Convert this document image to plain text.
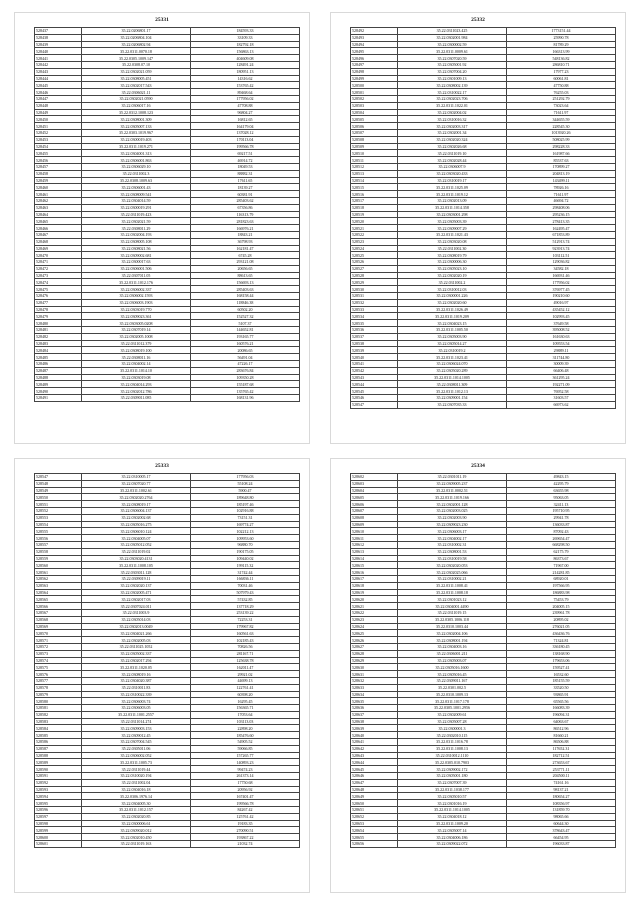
25331
528437	35.22.0206801.17	184593.33
528438	35.22.0206804.104	33109.33
528439	35.22.0206802.94	182792.18
528440	35.22.0311.0070.18	156863.13
528441	35.22.0305.1009.147	404609.08
528442	35.22.0308.07.10	128491.24
528443	35.22.0302021.059	180951.13
528444	35.22.0308005.451	14316.62
528445	35.22.0302017.543	153765.42
528446	35.22.0306021.11	89468.64
528447	35.22.0302021.0590	177956.02
528448	35.22.0306017.16	47708.88
528449	35.22.0312.1008.123	96804.27
528450	35.22.0308001.309	16812.65
528451	35.22.0305007.133	164179.04
528452	35.22.0303.1019.967	137028.12
528453	35.22.0300019.403	170113.04
528454	35.22.0311.1019.271	199566.78
528455	35.22.0304001.313	69217.51
528456	35.22.0306001.863	46914.72
528457	35.22.0306029.10	18049.53
528458	35.22.0311002.3	88882.31
528459	35.22.0308.1009.63	17611.65
528460	35.22.0306001.43	18139.27
528461	35.22.0308009.541	60381.91
528462	35.22.0304014.59	285403.62
528463	35.22.0300019.291	67356.86
528464	35.22.0311019.423	116313.79
528465	35.22.0302021.59	281823.63
528466	35.22.0308011.29	166976.21
528467	35.22.0302004.193	18843.21
528468	35.22.0308005.108	36798.93
528469	35.22.0308021.56	162181.47
528470	35.22.0309002.681	6745.28
528471	35.22.0300017.63	293121.08
528472	35.22.0306001.506	20656.65
528473	35.22.0307011.05	88613.65
528474	35.22.0311.1012.176	156693.13
528475	35.22.0306002.337	285403.63
528476	35.22.0306002.1593	168158.44
528477	35.22.0306003.1903	118846.38
528478	35.22.0303019.770	60502.20
528479	35.22.0309023.361	152527.32
528480	35.22.0303005.0208	5107.37
528481	35.22.0307019.14	144652.81
528482	35.22.0302005.1008	193165.77
528483	35.22.0311012.379	160576.21
528484	35.22.0308019.100	20086.65
528485	35.22.0308011.16	56491.04
528486	35.22.0304002.14	47226.17
528487	35.22.0311.1014.10	283676.84
528488	35.22.0303019.08	109350.28
528489	35.22.0304014.293	155187.68
528490	35.22.0302012.786	135765.42
528491	35.22.0309011.085	168131.96
25332
528492	35.22.0311023.425	1773151.44
528493	35.22.0302001.984	25990.78
528494	35.22.0300002.59	81789.29
528495	35.22.0311.0009.61	166313.99
528496	35.22.0307020.59	548136.82
528497	35.22.0305001.92	286810.71
528498	35.22.0307004.20	17977.23
528499	35.22.0301009.13	60061.81
528500	35.22.0308002.139	47750.88
528501	35.22.0310022.17	76255.03
528502	35.22.0302023.706	251292.79
528503	35.22.0311.1022.01	73023.64
528504	35.22.0302004.02	71611.97
528505	35.22.0310016.32	344655.59
528506	35.22.0302003.317	228545.30
528507	35.22.0302001.34	1013920.26
528508	35.22.0302020.324	508025.99
528509	35.22.0302026.68	298228.33
528510	35.22.0311019.10	161987.66
528511	35.22.0302028.44	85537.63
528512	35.22.0306007.9	170899.27
528513	35.22.0303020.433	204813.19
528514	35.22.0310019.17	143499.11
528515	35.22.0311.1025.09	78926.16
528516	35.22.0311.1019.12	71611.97
528517	35.22.0302013.09	46694.72
528518	35.22.0311.1014.358	298408.06
528519	35.22.0303001.298	295236.15
528520	35.22.0305003.39	278413.35
528521	35.22.0309007.29	162495.47
528522	35.22.0311.1021.43	671853.89
528523	35.22.0303020.08	512913.74
528524	35.22.0311002.30	923913.74
528525	35.22.0308019.79	103112.51
528526	35.22.0300006.30	129036.82
528527	35.22.0305023.10	34582.18
528528	35.22.0302020.19	166931.46
528529	35.22.0311002.2	177956.02
528530	35.22.0310012.03	376977.45
528531	35.22.0300001.226	190210.60
528532	35.22.0302020.60	49016.97
528533	35.22.0311.1026.49	435452.12
528534	35.22.0311.1019.209	102993.45
528535	35.22.0304023.15	37649.58
528536	35.22.0311.1005.50	395008.52
528537	35.22.0305003.90	161630.63
528538	35.22.0305014.27	109553.54
528539	35.22.0310019.2	29889.11
528540	35.22.0311.1023.41	311744.80
528541	35.22.0306024.070	30009.39
528542	35.22.0305020.289	66406.48
528543	35.22.0311.1014.1005	361295.24
528544	35.22.0308011.309	192271.09
528545	35.22.0311.1012.13	76952.58
528546	35.22.0309001.154	31603.57
528547	35.22.0307035.33	66973.62
25333
528547	35.22.0310005.17	177956.03
528548	35.22.0307020.77	55108.24
528549	35.22.0311.1002.61	5900.47
528550	35.22.0302020.2764	189648.80
528551	35.22.0308019.17	185197.46
528552	35.22.0306004.137	102916.88
528553	35.22.0302002.68	73151.31
528554	35.22.0305016.275	169774.27
528555	35.22.0306010.124	102212.13
528556	35.22.0304005.07	109953.60
528557	35.22.0305012.052	96880.70
528558	35.22.0311019.02	190175.05
528559	35.22.0303020.4131	109440.02
528560	35.22.0311.1008.105	199115.32
528561	35.22.0303011.128	31742.44
528562	35.22.0309019.11	166836.11
528563	35.22.0302020.137	70031.46
528564	35.22.0302005.471	507979.43
528565	35.22.0302017.03	57432.85
528566	35.22.0307024.011	137718.29
528567	35.22.0311003.9	253139.22
528568	35.22.0305014.03	72253.31
528569	35.22.0302013.0049	179967.82
528570	35.22.0304021.266	160561.63
528571	35.22.0302005.03	102185.43
528572	35.22.0311025.1052	70826.56
528573	35.22.0305002.337	281167.71
528574	35.22.0302017.294	125638.78
528575	35.22.0311.1020.05	162011.47
528576	35.22.0308019.16	29921.02
528577	35.22.0304020.387	44699.13
528578	35.22.0310011.83	122761.41
528579	35.22.0310022.339	60398.20
528580	35.22.0306003.74	16295.45
528581	35.22.0306003.05	156365.71
528582	35.22.0311.1001.2557	17053.64
528583	35.22.0311014.274	103113.03
528584	35.22.0309003.153	22898.20
528585	35.22.0309012.45	185476.60
528586	35.22.0307004.545	54905.52
528587	35.22.0305011.06	59066.85
528588	35.22.0306002.052	157265.77
528589	35.22.0311.1005.73	140893.23
528590	35.22.0311019.44	99474.23
528591	35.22.0310020.194	261373.14
528592	35.22.0311002.04	17750.68
528593	35.22.0304016.18	20956.92
528594	35.22.0306.1976.14	167401.47
528595	35.22.0304005.30	199566.78
528596	35.22.0311.1012.157	84267.42
528597	35.22.0302020.85	125761.42
528598	35.22.0300006.61	19183.35
528599	35.22.0309020.012	270090.51
528600	35.22.0302010.450	193867.22
528601	35.22.0311019.163	21032.74
25334
528602	35.22.0301011.19	49843.15
528603	35.22.0309005.237	42295.79
528604	35.22.0311.0002.51	63655.98
528605	35.22.0311.1019.166	95063.05
528606	35.22.0302001.128	32411.13
528607	35.22.0302003.025	195710.95
528608	35.22.0302003.90	29941.78
528609	35.22.0309023.230	136033.87
528610	35.22.0306003.17	87092.43
528611	35.22.0304002.17	269654.47
528612	35.22.0310002.31	668298.50
528613	35.22.0308001.53	62175.79
528614	35.22.0310019.58	86373.67
528615	35.22.0302020.053	71967.00
528616	35.22.0302025.066	214281.85
528617	35.22.0310002.21	68920.01
528618	35.22.0311.1008.41	197566.95
528619	35.22.0311.1008.18	186883.98
528620	35.22.0301023.12	75453.79
528621	35.22.0304001.4490	204005.15
528622	35.22.0311019.15	239961.78
528623	35.22.0305.1006.118	20895.02
528624	35.22.0310.1003.44	276021.05
528625	35.22.0302004.106	436436.76
528626	35.22.0308001.194	71324.81
528627	35.22.0304003.16	336180.45
528628	35.22.0306001.211	138168.90
528629	35.22.0305003.07	179653.06
528630	35.22.0305016.1600	159527.41
528631	35.22.0305016.45	16532.60
528632	35.22.0309011.167	185155.59
528633	35.22.0301.002.5	33520.50
528634	35.22.0310.1009.13	93865.91
528635	35.22.0311.1017.178	65565.56
528636	35.22.0305.1001.2956	166083.39
528637	35.22.0302009.61	196094.31
528638	35.22.0305007.28	64063.67
528639	35.22.0300001.3	86512.96
528640	35.22.0302010.115	81660.21
528641	35.22.0311.1016.78	86506.88
528642	35.22.0311.1008.13	117652.31
528643	35.22.0310012.1110	182712.51
528644	35.22.0305.010.7903	273653.67
528645	35.22.0309002.172	253771.11
528646	35.22.0305001.180	204500.11
528647	35.22.0307007.39	74161.16
528648	35.22.0311.1038.177	98137.21
528649	35.22.0305010.57	180654.27
528650	35.22.0301016.19	108356.97
528651	35.22.0311.1014.1005	131859.70
528652	35.22.0304018.12	98065.66
528653	35.22.0311.1009.20	60644.30
528654	35.22.0305007.14	378643.47
528655	35.22.0304006.186	66454.95
528656	35.22.0309022.072	196033.87
